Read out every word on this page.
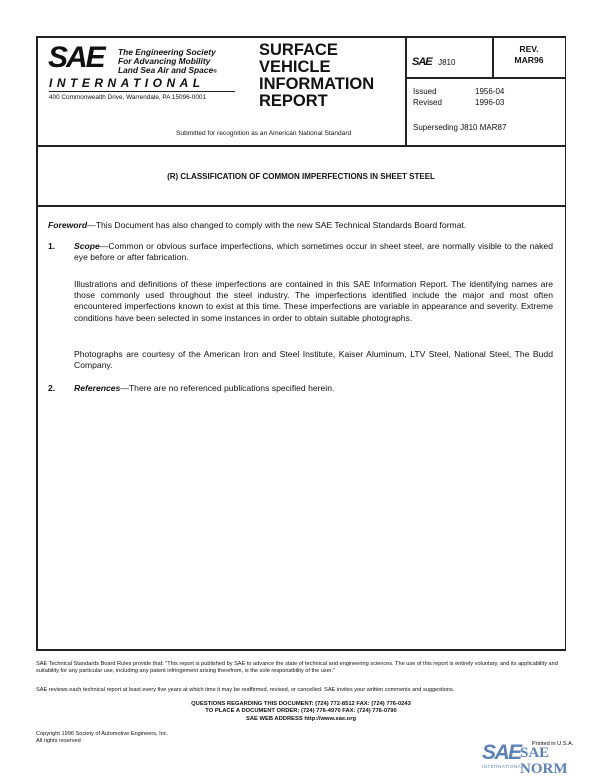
SAE The Engineering Society
For Advancing Mobility
Land Sea Air and Space®
INTERNATIONAL
400 Commonwealth Drive, Warrendale, PA 15096-0001
SURFACE
VEHICLE
INFORMATION
REPORT
Submitted for recognition as an American National Standard
SAE J810
REV.
MAR96
Issued	1956-04
Revised	1996-03
Superseding J810 MAR87
(R) CLASSIFICATION OF COMMON IMPERFECTIONS IN SHEET STEEL
Foreword—This Document has also changed to comply with the new SAE Technical Standards Board format.
1. Scope—Common or obvious surface imperfections, which sometimes occur in sheet steel, are normally visible to the naked eye before or after fabrication.
Illustrations and definitions of these imperfections are contained in this SAE Information Report. The identifying names are those commonly used throughout the steel industry. The imperfections identified include the major and most often encountered imperfections known to exist at this time. These imperfections are variable in appearance and severity. Extreme conditions have been selected in some instances in order to obtain suitable photographs.
Photographs are courtesy of the American Iron and Steel Institute, Kaiser Aluminum, LTV Steel, National Steel, The Budd Company.
2. References—There are no referenced publications specified herein.
SAE Technical Standards Board Rules provide that: "This report is published by SAE to advance the state of technical and engineering sciences. The use of this report is entirely voluntary, and its applicability and suitability for any particular use, including any patent infringement arising therefrom, is the sole responsibility of the user."
SAE reviews each technical report at least every five years at which time it may be reaffirmed, revised, or cancelled. SAE invites your written comments and suggestions.
QUESTIONS REGARDING THIS DOCUMENT: (724) 772-8512 FAX: (724) 776-0243
TO PLACE A DOCUMENT ORDER; (724) 776-4970 FAX: (724) 776-0790
SAE WEB ADDRESS http://www.sae.org
Copyright 1996 Society of Automotive Engineers, Inc.
All rights reserved	Printed in U.S.A.
SAE SAE NORM
INTERNATIONAL
